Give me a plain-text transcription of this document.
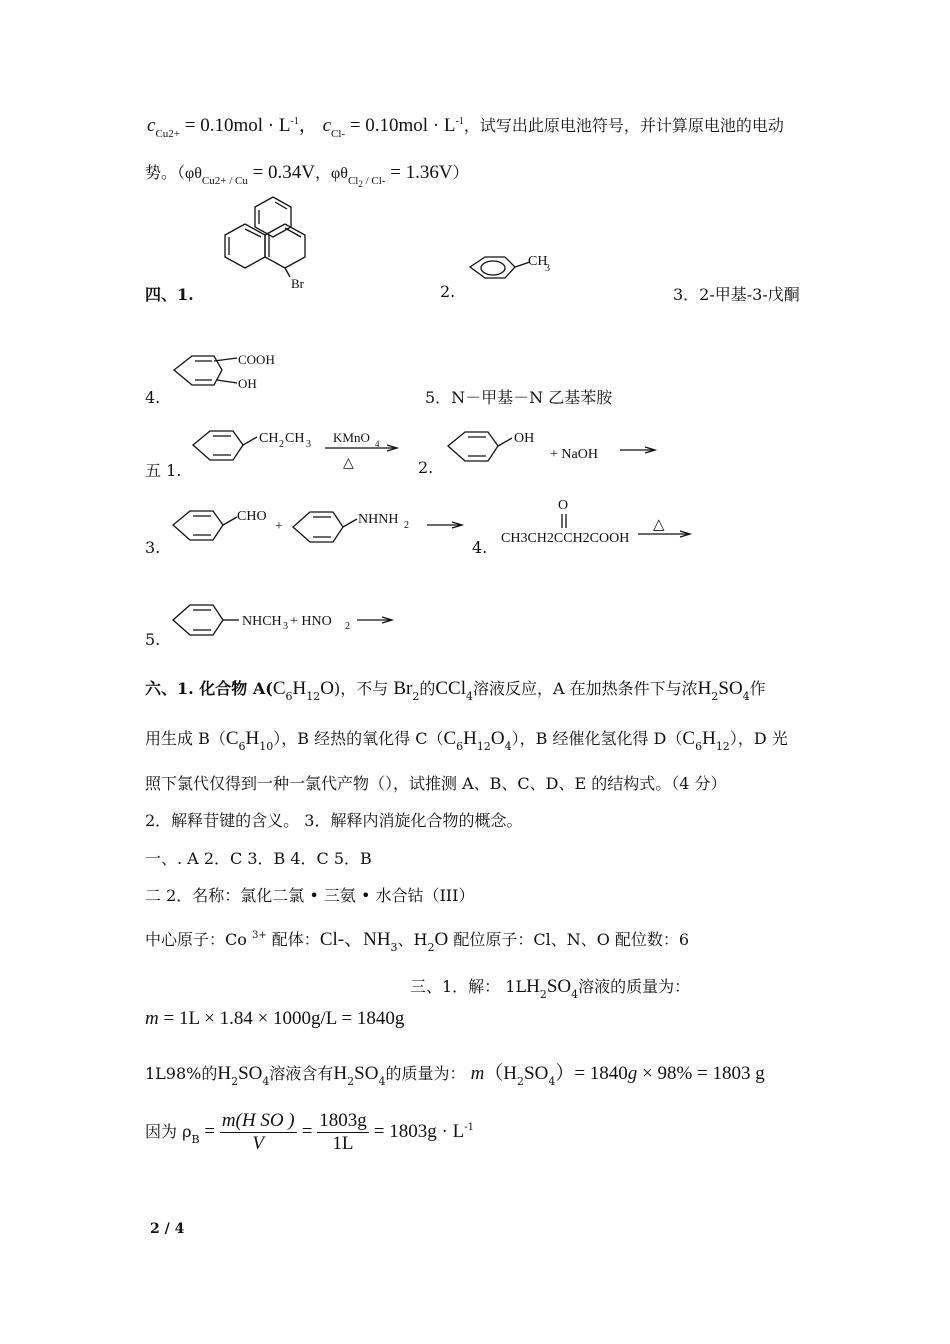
$c_{Cu2+} = 0.10mol \cdot L^{-1}$， $c_{Cl-} = 0.10mol \cdot L^{-1}$，试写出此原电池符号，并计算原电池的电动
势。（$\varphi\theta_{Cu2+ / Cu} = 0.34V$，$\varphi\theta_{Cl2}$ $_{/ Cl-}$ = 1.36V）
四、1.
Br	2.
CH
3
3．2-甲基-3-戊酮
4.
COOH
OH
5．N－甲基－N 乙基苯胺
五 1.
CH 2 CH 3 KMnO 4
△	2.
OH
+ NaOH
3.
CHO
+	NHNH 2
4.
O
CH3CH2CCH2COOH
△
5.
NHCH 3 + HNO 2
六、1. 化合物 $A(C_6H_{12}O)$，不与 $Br_2$的CCl$_4$溶液反应，A 在加热条件下与浓$H_2SO_4$作
用生成 $B(C_6H_{10})$，B 经热的氧化得 $C(C_6H_{12}O_4)$，B 经催化氢化得 $D(C_6H_{12})$，D 光
照下氯代仅得到一种一氯代产物（），试推测 A、B、C、D、E 的结构式。（4 分）
2．解释苷键的含义。 3．解释内消旋化合物的概念。
一、. A 2．C 3．B 4．C 5．B
二 2．名称：氯化二氯 • 三氨 • 水合钴（III）
中心原子：Co $^{3+}$ 配体：Cl-、$NH_3$、$H_2O$ 配位原子：Cl、N、O 配位数：6
三、1．解： $1LH_2SO_4$溶液的质量为：
m = 1L × 1.84 × 1000g/L = 1840g
1L98%的$H_2SO_4$溶液含有$H_2SO_4$的质量为： $m(H_2SO_4)= 1840g \times 98\% = 1803$ g
因为 $\rho_B = \frac{\text{m(H SO )}}{V} = \frac{1803g}{1L} = 1803g \cdot L^{-1}$
2 / 4
